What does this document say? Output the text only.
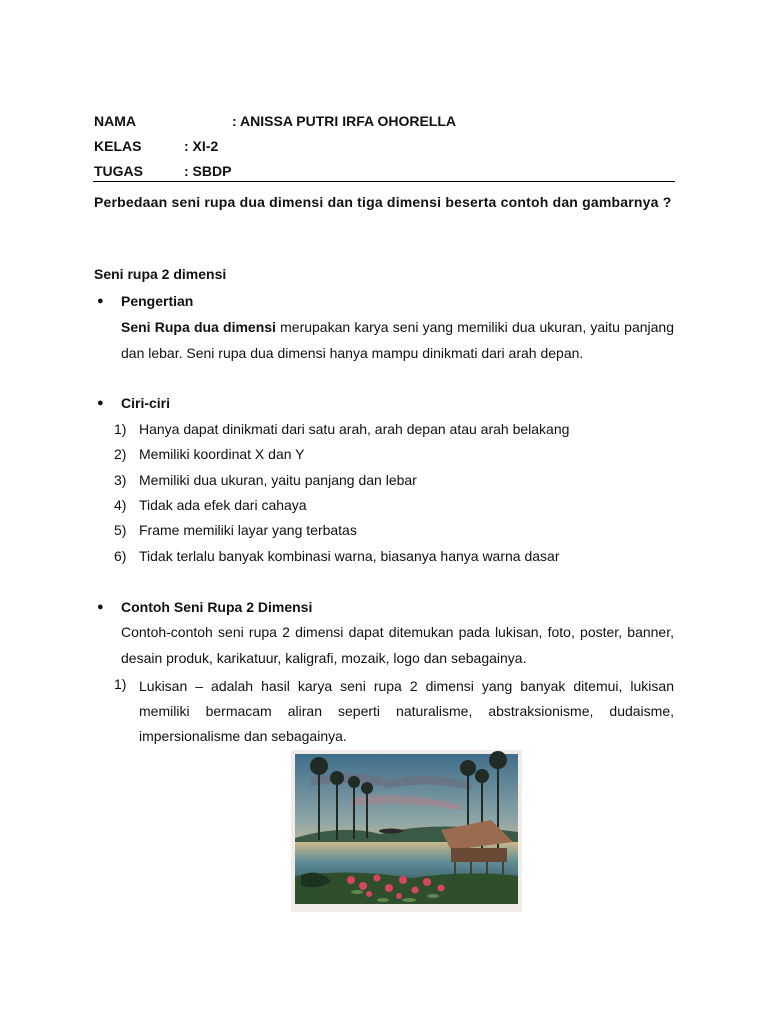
NAMA	: ANISSA PUTRI IRFA OHORELLA
KELAS	: XI-2
TUGAS	: SBDP
Perbedaan seni rupa dua dimensi dan tiga dimensi beserta contoh dan gambarnya ?
Seni rupa 2 dimensi
● Pengertian
Seni Rupa dua dimensi merupakan karya seni yang memiliki dua ukuran, yaitu panjang dan lebar. Seni rupa dua dimensi hanya mampu dinikmati dari arah depan.
● Ciri-ciri
1) Hanya dapat dinikmati dari satu arah, arah depan atau arah belakang
2) Memiliki koordinat X dan Y
3) Memiliki dua ukuran, yaitu panjang dan lebar
4) Tidak ada efek dari cahaya
5) Frame memiliki layar yang terbatas
6) Tidak terlalu banyak kombinasi warna, biasanya hanya warna dasar
● Contoh Seni Rupa 2 Dimensi
Contoh-contoh seni rupa 2 dimensi dapat ditemukan pada lukisan, foto, poster, banner, desain produk, karikatuur, kaligrafi, mozaik, logo dan sebagainya.
1) Lukisan – adalah hasil karya seni rupa 2 dimensi yang banyak ditemui, lukisan memiliki bermacam aliran seperti naturalisme, abstraksionisme, dudaisme, impersionalisme dan sebagainya.
